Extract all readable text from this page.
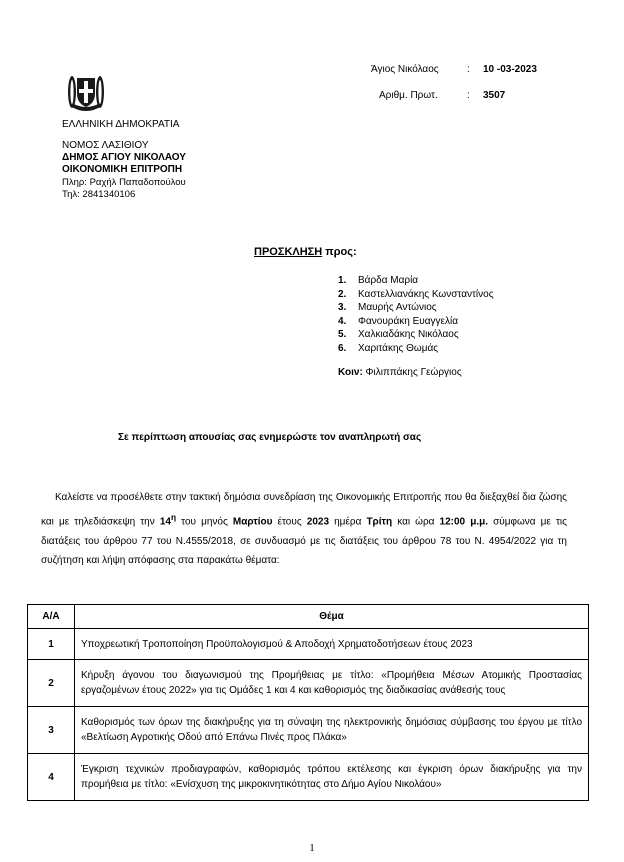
ΕΛΛΗΝΙΚΗ ΔΗΜΟΚΡΑΤΙΑ
ΝΟΜΟΣ ΛΑΣΙΘΙΟΥ
ΔΗΜΟΣ ΑΓΙΟΥ ΝΙΚΟΛΑΟΥ
ΟΙΚΟΝΟΜΙΚΗ ΕΠΙΤΡΟΠΗ
Πληρ: Ραχήλ Παπαδοπούλου
Τηλ: 2841340106
Άγιος Νικόλαος	: 10 -03-2023
Αριθμ. Πρωτ.	: 3507
ΠΡΟΣΚΛΗΣΗ προς:
1. Βάρδα Μαρία
2. Καστελλιανάκης Κωνσταντίνος
3. Μαυρής Αντώνιος
4. Φανουράκη Ευαγγελία
5. Χαλκιαδάκης Νικόλαος
6. Χαριτάκης Θωμάς
Κοιν: Φιλιππάκης Γεώργιος
Σε περίπτωση απουσίας σας ενημερώστε τον αναπληρωτή σας
Καλείστε να προσέλθετε στην τακτική δημόσια συνεδρίαση της Οικονομικής Επιτροπής που θα διεξαχθεί δια ζώσης και με τηλεδιάσκεψη την $14^\eta$ του μηνός Μαρτίου έτους 2023 ημέρα Τρίτη και ώρα 12:00 μ.μ. σύμφωνα με τις διατάξεις του άρθρου 77 του Ν.4555/2018, σε συνδυασμό με τις διατάξεις του άρθρου 78 του Ν. 4954/2022 για τη συζήτηση και λήψη απόφασης στα παρακάτω θέματα:
Α/Α	Θέμα
1	Υποχρεωτική Τροποποίηση Προϋπολογισμού & Αποδοχή Χρηματοδοτήσεων έτους 2023
2	Κήρυξη άγονου του διαγωνισμού της Προμήθειας με τίτλο: «Προμήθεια Μέσων Ατομικής Προστασίας εργαζομένων έτους 2022» για τις Ομάδες 1 και 4 και καθορισμός της διαδικασίας ανάθεσής τους
3	Καθορισμός των όρων της διακήρυξης για τη σύναψη της ηλεκτρονικής δημόσιας σύμβασης του έργου με τίτλο «Βελτίωση Αγροτικής Οδού από Επάνω Πινές προς Πλάκα»
4	Έγκριση τεχνικών προδιαγραφών, καθορισμός τρόπου εκτέλεσης και έγκριση όρων διακήρυξης για την προμήθεια με τίτλο: «Ενίσχυση της μικροκινητικότητας στο Δήμο Αγίου Νικολάου»
1
